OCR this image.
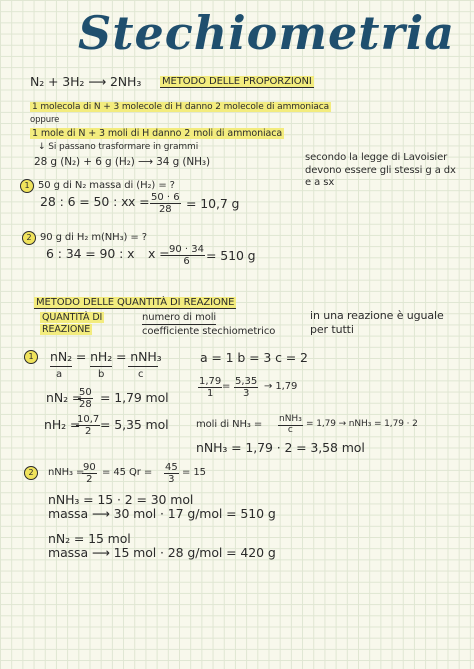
Stechiometria
N₂ + 3H₂ ⟶ 2NH₃ METODO DELLE PROPORZIONI
1 molecola di N + 3 molecole di H danno 2 molecole di ammoniaca
oppure
1 mole di N + 3 moli di H danno 2 moli di ammoniaca
↓ Si passano trasformare in grammi
28 g (N₂) + 6 g (H₂) ⟶ 34 g (NH₃)	secondo la legge di Lavoisier
devono essere gli stessi g a dx
e a sx
1 50 g di N₂ massa di (H₂) = ?
28 : 6 = 50 : x $x = \frac{50 \cdot 6}{28} = 10,7$ g
2 90 g di H₂ m(NH₃) = ?
6 : 34 = 90 : x x =
$\frac{90 \cdot 34}{6} = 510$ g
METODO DELLE QUANTITÀ DI REAZIONE
QUANTITÀ DI
REAZIONE
numero di moli
coefficiente stechiometrico
in una reazione è uguale
per tutti
1	nN₂ = nH₂ = nNH₃
a	b	c
a = 1 b = 3 c = 2
nN₂ =
$\frac{50}{28} = 1,79$ mol	$\frac{1,79}{1} = \frac{5,35}{3} \to 1,79$
nH₂ =
$\frac{10,7}{2} = 5,35$ mol	moli di NH₃ = nNH₃
c
= 1,79 → nNH₃ = 1,79 · 2
nNH₃ = 1,79 · 2 = 3,58 mol
2	nNH₃ =
$\frac{90}{2} = 45$ $Qr = \frac{45}{3} = 15$
nNH₃ = 15 · 2 = 30 mol
massa ⟶ 30 mol · 17 g/mol = 510 g
nN₂ = 15 mol
massa ⟶ 15 mol · 28 g/mol = 420 g
